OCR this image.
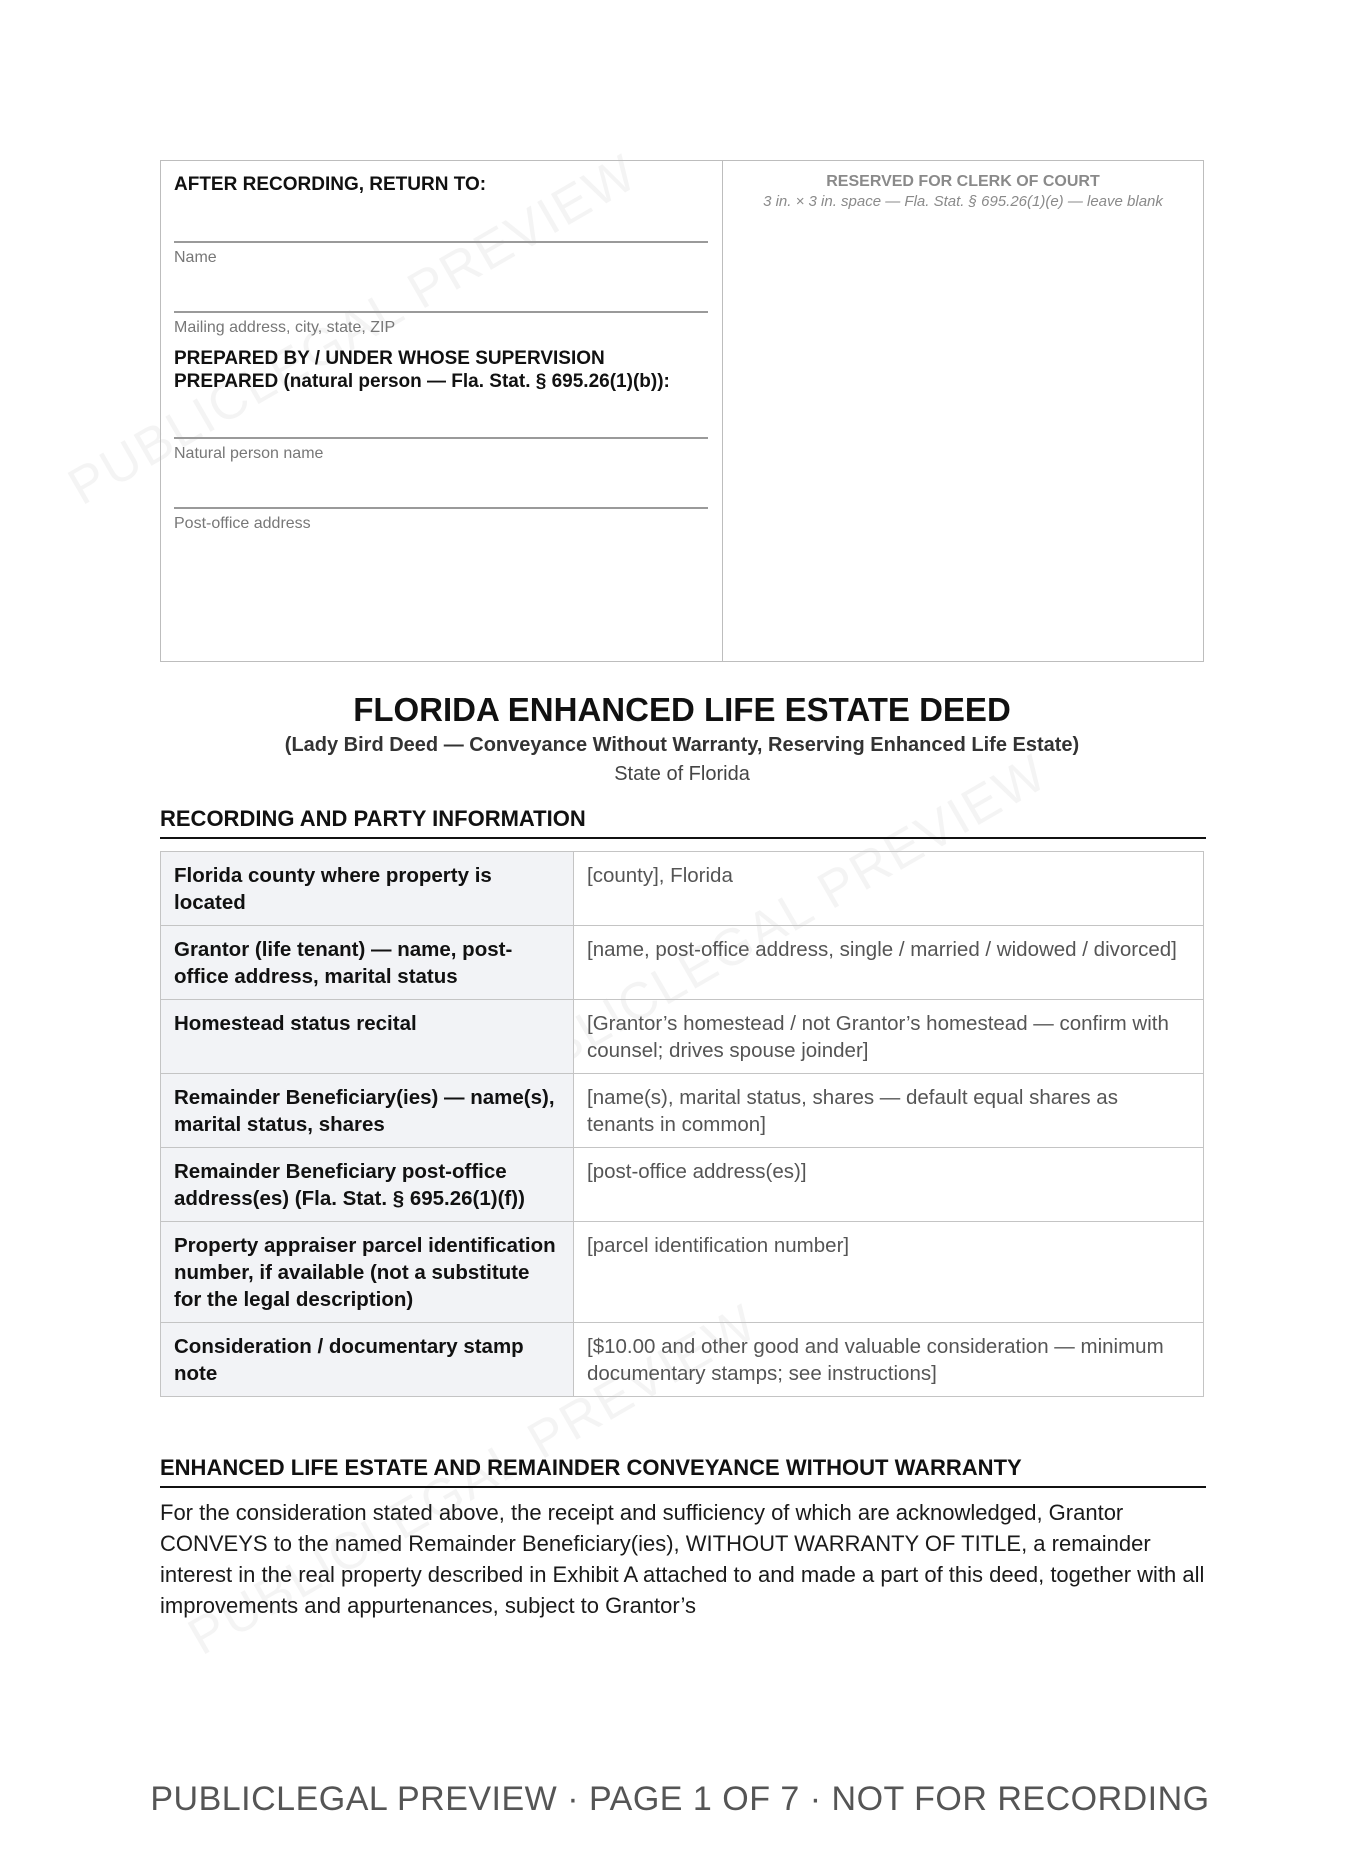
AFTER RECORDING, RETURN TO:
Name
Mailing address, city, state, ZIP
PREPARED BY / UNDER WHOSE SUPERVISION PREPARED (natural person — Fla. Stat. § 695.26(1)(b)):
Natural person name
Post-office address
RESERVED FOR CLERK OF COURT
3 in. × 3 in. space — Fla. Stat. § 695.26(1)(e) — leave blank
FLORIDA ENHANCED LIFE ESTATE DEED
(Lady Bird Deed — Conveyance Without Warranty, Reserving Enhanced Life Estate)
State of Florida
RECORDING AND PARTY INFORMATION
Florida county where property is located	[county], Florida
Grantor (life tenant) — name, post-office address, marital status	[name, post-office address, single / married / widowed / divorced]
Homestead status recital	[Grantor’s homestead / not Grantor’s homestead — confirm with counsel; drives spouse joinder]
Remainder Beneficiary(ies) — name(s), marital status, shares	[name(s), marital status, shares — default equal shares as tenants in common]
Remainder Beneficiary post-office address(es) (Fla. Stat. § 695.26(1)(f))	[post-office address(es)]
Property appraiser parcel identification number, if available (not a substitute for the legal description)	[parcel identification number]
Consideration / documentary stamp note	[$10.00 and other good and valuable consideration — minimum documentary stamps; see instructions]
ENHANCED LIFE ESTATE AND REMAINDER CONVEYANCE WITHOUT WARRANTY
For the consideration stated above, the receipt and sufficiency of which are acknowledged, Grantor CONVEYS to the named Remainder Beneficiary(ies), WITHOUT WARRANTY OF TITLE, a remainder interest in the real property described in Exhibit A attached to and made a part of this deed, together with all improvements and appurtenances, subject to Grantor’s
PUBLICLEGAL PREVIEW · PAGE 1 OF 7 · NOT FOR RECORDING
